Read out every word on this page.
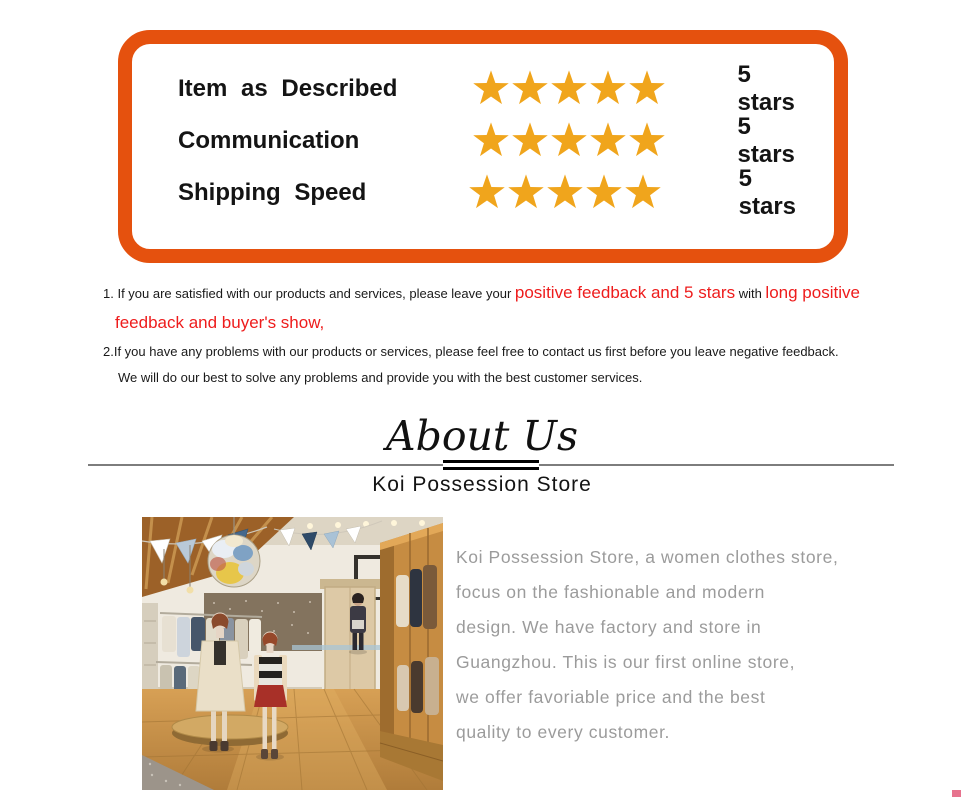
Item as Described
5 stars
Communication
5 stars
Shipping Speed
5 stars
1. If you are satisfied with our products and services, please leave your positive feedback and 5 stars with long positive
feedback and buyer's show,
2.If you have any problems with our products or services, please feel free to contact us first before you leave negative feedback.
We will do our best to solve any problems and provide you with the best customer services.
About Us
Koi Possession Store
Koi Possession Store, a women clothes store,
focus on the fashionable and modern
design. We have factory and store in
Guangzhou. This is our first online store,
we offer favoriable price and the best
quality to every customer.
